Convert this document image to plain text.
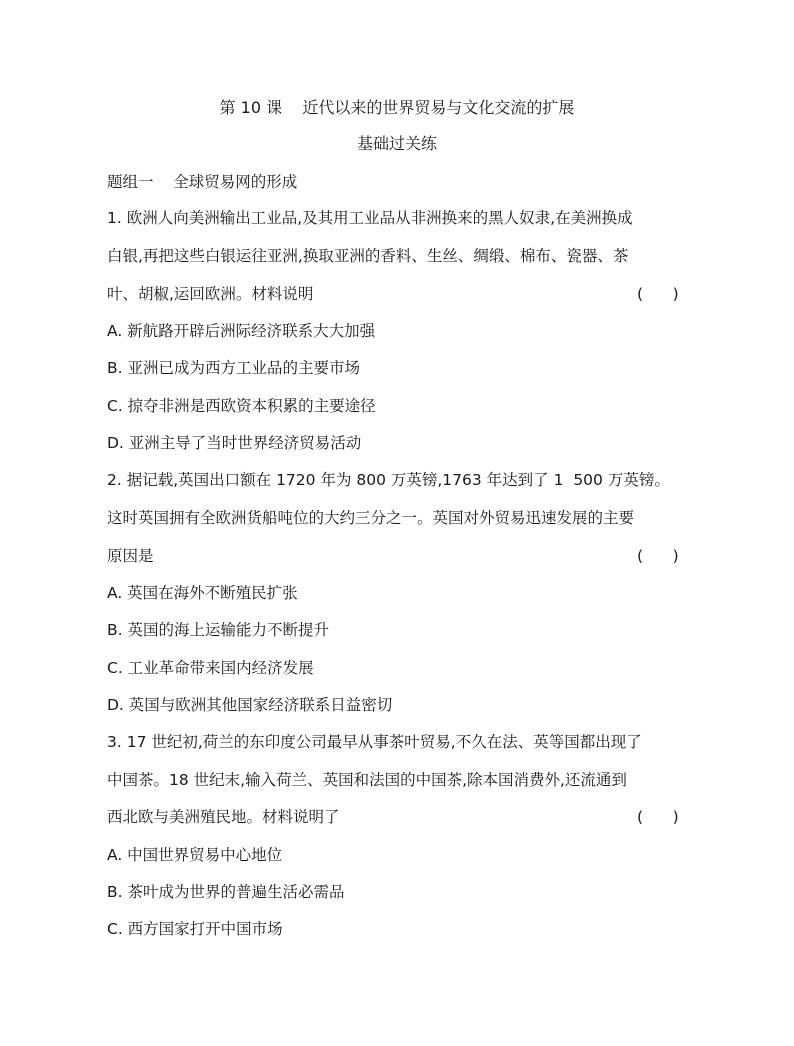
第 10 课    近代以来的世界贸易与文化交流的扩展
基础过关练
题组一    全球贸易网的形成
1. 欧洲人向美洲输出工业品,及其用工业品从非洲换来的黑人奴隶,在美洲换成
白银,再把这些白银运往亚洲,换取亚洲的香料、生丝、绸缎、棉布、瓷器、茶
叶、胡椒,运回欧洲。材料说明	(      )
A. 新航路开辟后洲际经济联系大大加强
B. 亚洲已成为西方工业品的主要市场
C. 掠夺非洲是西欧资本积累的主要途径
D. 亚洲主导了当时世界经济贸易活动
2. 据记载,英国出口额在 1720 年为 800 万英镑,1763 年达到了 1  500 万英镑。
这时英国拥有全欧洲货船吨位的大约三分之一。英国对外贸易迅速发展的主要
原因是	(      )
A. 英国在海外不断殖民扩张
B. 英国的海上运输能力不断提升
C. 工业革命带来国内经济发展
D. 英国与欧洲其他国家经济联系日益密切
3. 17 世纪初,荷兰的东印度公司最早从事茶叶贸易,不久在法、英等国都出现了
中国茶。18 世纪末,输入荷兰、英国和法国的中国茶,除本国消费外,还流通到
西北欧与美洲殖民地。材料说明了	(      )
A. 中国世界贸易中心地位
B. 茶叶成为世界的普遍生活必需品
C. 西方国家打开中国市场
